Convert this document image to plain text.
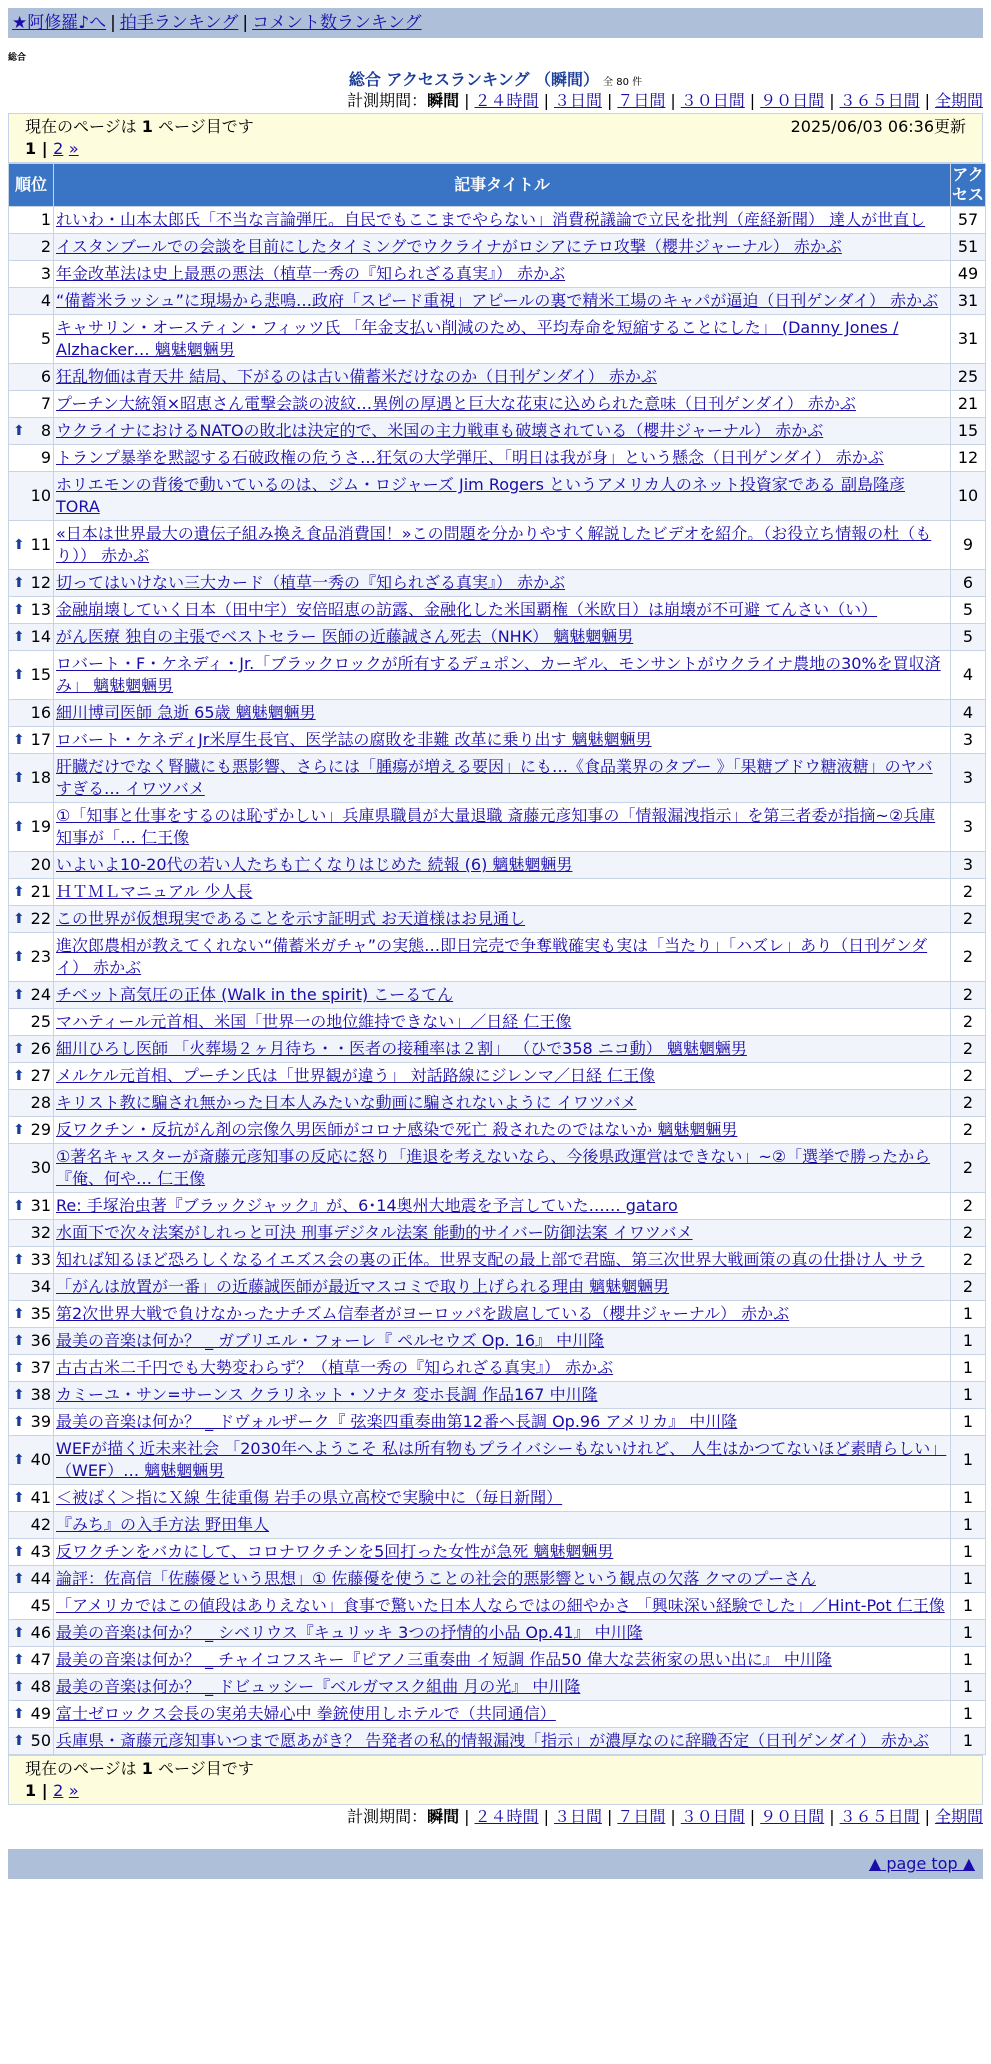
★阿修羅♪へ | 拍手ランキング | コメント数ランキング
総合
総合 アクセスランキング （瞬間） 全 80 件
計測期間：瞬間 | ２４時間 | ３日間 | ７日間 | ３０日間 | ９０日間 | ３６５日間 | 全期間
現在のページは 1 ページ目です	2025/06/03 06:36更新
1 | 2 »
順位	記事タイトル	アクセス
1	れいわ・山本太郎氏「不当な言論弾圧。自民でもここまでやらない」消費税議論で立民を批判（産経新聞） 達人が世直し	57
2	イスタンブールでの会談を目前にしたタイミングでウクライナがロシアにテロ攻撃（櫻井ジャーナル） 赤かぶ	51
3	年金改革法は史上最悪の悪法（植草一秀の『知られざる真実』） 赤かぶ	49
4	“備蓄米ラッシュ”に現場から悲鳴…政府「スピード重視」アピールの裏で精米工場のキャパが逼迫（日刊ゲンダイ） 赤かぶ	31
5	キャサリン・オースティン・フィッツ氏 「年金支払い削減のため、平均寿命を短縮することにした」 (Danny Jones / Alzhacker… 魑魅魍魎男	31
6	狂乱物価は青天井 結局、下がるのは古い備蓄米だけなのか（日刊ゲンダイ） 赤かぶ	25
7	プーチン大統領×昭恵さん電撃会談の波紋…異例の厚遇と巨大な花束に込められた意味（日刊ゲンダイ） 赤かぶ	21

⬆ 8	ウクライナにおけるNATOの敗北は決定的で、米国の主力戦車も破壊されている（櫻井ジャーナル） 赤かぶ	15
9	トランプ暴挙を黙認する石破政権の危うさ…狂気の大学弾圧、「明日は我が身」という懸念（日刊ゲンダイ） 赤かぶ	12
10	ホリエモンの背後で動いているのは、ジム・ロジャーズ Jim Rogers というアメリカ人のネット投資家である 副島隆彦 TORA	10

⬆ 11	«日本は世界最大の遺伝子組み換え食品消費国！»この問題を分かりやすく解説したビデオを紹介。（お役立ち情報の杜（もり）） 赤かぶ	9

⬆ 12	切ってはいけない三大カード（植草一秀の『知られざる真実』） 赤かぶ	6

⬆ 13	金融崩壊していく日本（田中宇）安倍昭恵の訪露、金融化した米国覇権（米欧日）は崩壊が不可避 てんさい（い）	5

⬆ 14	がん医療 独自の主張でベストセラー 医師の近藤誠さん死去（NHK） 魑魅魍魎男	5

⬆ 15	ロバート・F・ケネディ・Jr.「ブラックロックが所有するデュポン、カーギル、モンサントがウクライナ農地の30%を買収済み」 魑魅魍魎男	4
16	細川博司医師 急逝 65歳 魑魅魍魎男	4

⬆ 17	ロバート・ケネディJr米厚生長官、医学誌の腐敗を非難 改革に乗り出す 魑魅魍魎男	3

⬆ 18	肝臓だけでなく腎臓にも悪影響、さらには「腫瘍が増える要因」にも…《食品業界のタブー 》「果糖ブドウ糖液糖」のヤバすぎる… イワツバメ	3

⬆ 19	①「知事と仕事をするのは恥ずかしい」兵庫県職員が大量退職 斎藤元彦知事の「情報漏洩指示」を第三者委が指摘~②兵庫知事が「… 仁王像	3
20	いよいよ10-20代の若い人たちも亡くなりはじめた 続報 (6) 魑魅魍魎男	3

⬆ 21	ＨＴＭＬマニュアル 少人長	2

⬆ 22	この世界が仮想現実であることを示す証明式 お天道様はお見通し	2

⬆ 23	進次郎農相が教えてくれない“備蓄米ガチャ”の実態…即日完売で争奪戦確実も実は「当たり」「ハズレ」あり（日刊ゲンダイ） 赤かぶ	2

⬆ 24	チベット高気圧の正体 (Walk in the spirit) こーるてん	2
25	マハティール元首相、米国「世界一の地位維持できない」／日経 仁王像	2

⬆ 26	細川ひろし医師 「火葬場２ヶ月待ち・・医者の接種率は２割」 （ひで358 ニコ動） 魑魅魍魎男	2

⬆ 27	メルケル元首相、プーチン氏は「世界観が違う」 対話路線にジレンマ／日経 仁王像	2
28	キリスト教に騙され無かった日本人みたいな動画に騙されないように イワツバメ	2

⬆ 29	反ワクチン・反抗がん剤の宗像久男医師がコロナ感染で死亡 殺されたのではないか 魑魅魍魎男	2
30	①著名キャスターが斎藤元彦知事の反応に怒り「進退を考えないなら、今後県政運営はできない」~②「選挙で勝ったから『俺、何や… 仁王像	2

⬆ 31	Re: 手塚治虫著『ブラックジャック』が、6･14奥州大地震を予言していた…… gataro	2
32	水面下で次々法案がしれっと可決 刑事デジタル法案 能動的サイバー防御法案 イワツバメ	2

⬆ 33	知れば知るほど恐ろしくなるイエズス会の裏の正体。世界支配の最上部で君臨、第三次世界大戦画策の真の仕掛け人 サラ	2
34	「がんは放置が一番」の近藤誠医師が最近マスコミで取り上げられる理由 魑魅魍魎男	2

⬆ 35	第2次世界大戦で負けなかったナチズム信奉者がヨーロッパを跋扈している（櫻井ジャーナル） 赤かぶ	1

⬆ 36	最美の音楽は何か？ _ ガブリエル・フォーレ『 ペルセウズ Op. 16』 中川隆	1

⬆ 37	古古古米二千円でも大勢変わらず？（植草一秀の『知られざる真実』） 赤かぶ	1

⬆ 38	カミーユ・サン=サーンス クラリネット・ソナタ 変ホ長調 作品167 中川隆	1

⬆ 39	最美の音楽は何か？ _ ドヴォルザーク『 弦楽四重奏曲第12番ヘ長調 Op.96 アメリカ』 中川隆	1

⬆ 40	WEFが描く近未来社会 「2030年へようこそ 私は所有物もプライバシーもないけれど、 人生はかつてないほど素晴らしい」 （WEF）… 魑魅魍魎男	1

⬆ 41	＜被ばく＞指にＸ線 生徒重傷 岩手の県立高校で実験中に（毎日新聞）	1
42	『みち』の入手方法 野田隼人	1

⬆ 43	反ワクチンをバカにして、コロナワクチンを5回打った女性が急死 魑魅魍魎男	1

⬆ 44	論評：佐高信「佐藤優という思想」① 佐藤優を使うことの社会的悪影響という観点の欠落 クマのプーさん	1
45	「アメリカではこの値段はありえない」食事で驚いた日本人ならではの細やかさ 「興味深い経験でした」／Hint-Pot 仁王像	1

⬆ 46	最美の音楽は何か？ _ シベリウス『キュリッキ 3つの抒情的小品 Op.41』 中川隆	1

⬆ 47	最美の音楽は何か？ _ チャイコフスキー『ピアノ三重奏曲 イ短調 作品50 偉大な芸術家の思い出に』 中川隆	1

⬆ 48	最美の音楽は何か？ _ ドビュッシー『ベルガマスク組曲 月の光』 中川隆	1

⬆ 49	富士ゼロックス会長の実弟夫婦心中 拳銃使用しホテルで（共同通信）	1

⬆ 50	兵庫県・斎藤元彦知事いつまで愿あがき？ 告発者の私的情報漏洩「指示」が濃厚なのに辞職否定（日刊ゲンダイ） 赤かぶ	1
現在のページは 1 ページ目です
1 | 2 »
計測期間：瞬間 | ２４時間 | ３日間 | ７日間 | ３０日間 | ９０日間 | ３６５日間 | 全期間
▲ page top ▲
